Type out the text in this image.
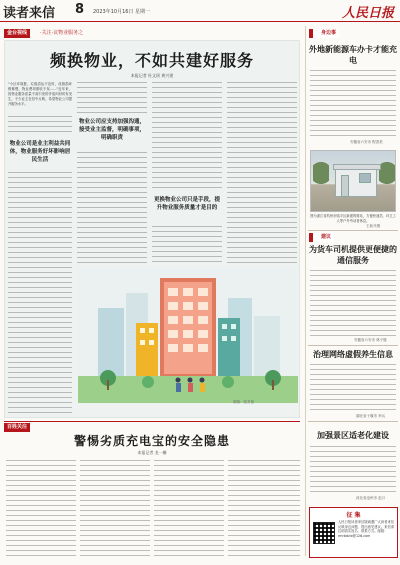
读者来信 8 2023年10月16日 星期一	人民日报
金台视线	·关注·议物业服务之
频换物业，不如共建好服务
本报记者 杜文瑶 黄兴建
"小区环境脏，垃圾清运不及时，设施损坏维修慢，物业费却照收不误……"近年来，因物业服务质量不高引发的矛盾纠纷时有发生，不少业主在信中反映，希望物业公司提升服务水平。
物业公司是业主利益共同体，物业服务好坏影响居民生活
物业公司应支持加强沟通，接受业主监督，明确事项，明确职责
更换物业公司只是手段，提升物业服务质量才是目的
制图：张芳曼
百姓关注
警惕劣质充电宝的安全隐患
本报记者 龙一姗
身边事
外地新能源车办卡才能充电
安徽省六安市 程香美
图为浙江省杭州市临平区新建的驿站，方便快递员、环卫工人等户外劳动者休息。
王新开摄
建议
为货车司机提供更便捷的通信服务
安徽省六安市 林子健
治理网络虚假养生信息
湖北省十堰市 李兵
加强景区适老化建设
河北省沧州市 赵月
征 集
人民日报读者来信版诚邀广大读者来信反映身边问题、提出意见建议。来信请注明真实姓名、联系方式。邮箱：rmrbdzlx@126.com
